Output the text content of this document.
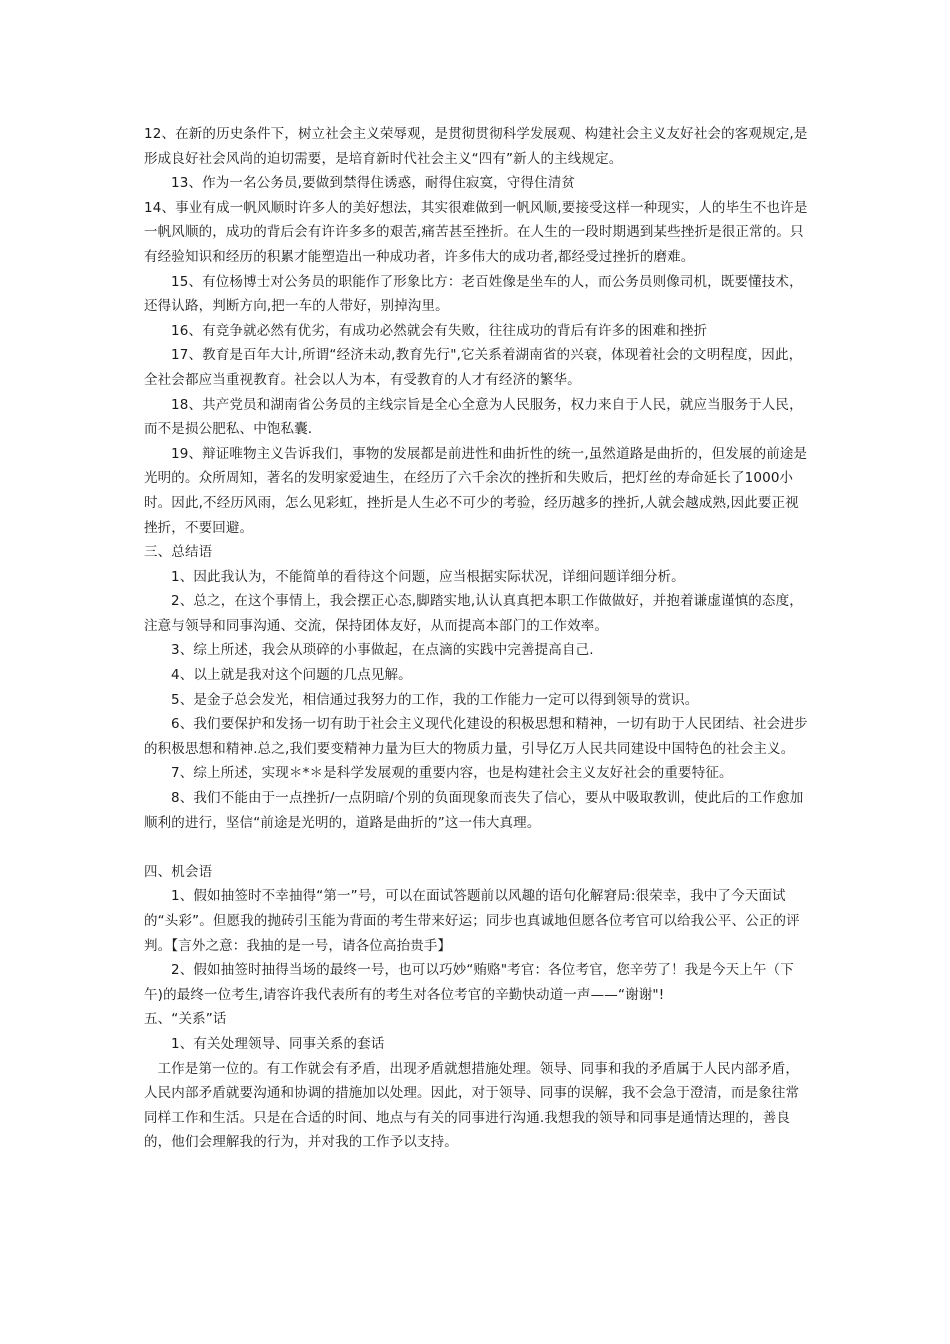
12、在新的历史条件下，树立社会主义荣辱观，是贯彻贯彻科学发展观、构建社会主义友好社会的客观规定,是形成良好社会风尚的迫切需要，是培育新时代社会主义“四有”新人的主线规定。

13、作为一名公务员,要做到禁得住诱惑，耐得住寂寞，守得住清贫

14、事业有成一帆风顺时许多人的美好想法，其实很难做到一帆风顺,要接受这样一种现实，人的毕生不也许是一帆风顺的，成功的背后会有许许多多的艰苦,痛苦甚至挫折。在人生的一段时期遇到某些挫折是很正常的。只有经验知识和经历的积累才能塑造出一种成功者，许多伟大的成功者,都经受过挫折的磨难。

15、有位杨博士对公务员的职能作了形象比方：老百姓像是坐车的人，而公务员则像司机，既要懂技术，还得认路，判断方向,把一车的人带好，别掉沟里。

16、有竞争就必然有优劣，有成功必然就会有失败，往往成功的背后有许多的困难和挫折

17、教育是百年大计,所谓“经济未动,教育先行",它关系着湖南省的兴衰，体现着社会的文明程度，因此，全社会都应当重视教育。社会以人为本，有受教育的人才有经济的繁华。

18、共产党员和湖南省公务员的主线宗旨是全心全意为人民服务，权力来自于人民，就应当服务于人民，而不是损公肥私、中饱私囊.

19、辩证唯物主义告诉我们，事物的发展都是前进性和曲折性的统一,虽然道路是曲折的，但发展的前途是光明的。众所周知，著名的发明家爱迪生，在经历了六千余次的挫折和失败后，把灯丝的寿命延长了1000小时。因此,不经历风雨，怎么见彩虹，挫折是人生必不可少的考验，经历越多的挫折,人就会越成熟,因此要正视挫折，不要回避。

三、总结语

1、因此我认为，不能简单的看待这个问题，应当根据实际状况，详细问题详细分析。

2、总之，在这个事情上，我会摆正心态,脚踏实地,认认真真把本职工作做做好，并抱着谦虚谨慎的态度，注意与领导和同事沟通、交流，保持团体友好，从而提高本部门的工作效率。

3、综上所述，我会从琐碎的小事做起，在点滴的实践中完善提高自己.

4、以上就是我对这个问题的几点见解。

5、是金子总会发光，相信通过我努力的工作，我的工作能力一定可以得到领导的赏识。

6、我们要保护和发扬一切有助于社会主义现代化建设的积极思想和精神，一切有助于人民团结、社会进步的积极思想和精神.总之,我们要变精神力量为巨大的物质力量，引导亿万人民共同建设中国特色的社会主义。

7、综上所述，实现＊*＊是科学发展观的重要内容，也是构建社会主义友好社会的重要特征。

8、我们不能由于一点挫折/一点阴暗/个别的负面现象而丧失了信心，要从中吸取教训，使此后的工作愈加顺利的进行，坚信“前途是光明的，道路是曲折的”这一伟大真理。

四、机会语

1、假如抽签时不幸抽得“第一”号，可以在面试答题前以风趣的语句化解窘局:很荣幸，我中了今天面试的“头彩”。但愿我的抛砖引玉能为背面的考生带来好运；同步也真诚地但愿各位考官可以给我公平、公正的评判。【言外之意：我抽的是一号，请各位高抬贵手】

2、假如抽签时抽得当场的最终一号，也可以巧妙“贿赂"考官：各位考官，您辛劳了！我是今天上午（下午)的最终一位考生,请容许我代表所有的考生对各位考官的辛勤快动道一声——“谢谢"!

五、“关系”话

1、有关处理领导、同事关系的套话

工作是第一位的。有工作就会有矛盾，出现矛盾就想措施处理。领导、同事和我的矛盾属于人民内部矛盾，人民内部矛盾就要沟通和协调的措施加以处理。因此，对于领导、同事的误解，我不会急于澄清，而是象往常同样工作和生活。只是在合适的时间、地点与有关的同事进行沟通.我想我的领导和同事是通情达理的，善良的，他们会理解我的行为，并对我的工作予以支持。
